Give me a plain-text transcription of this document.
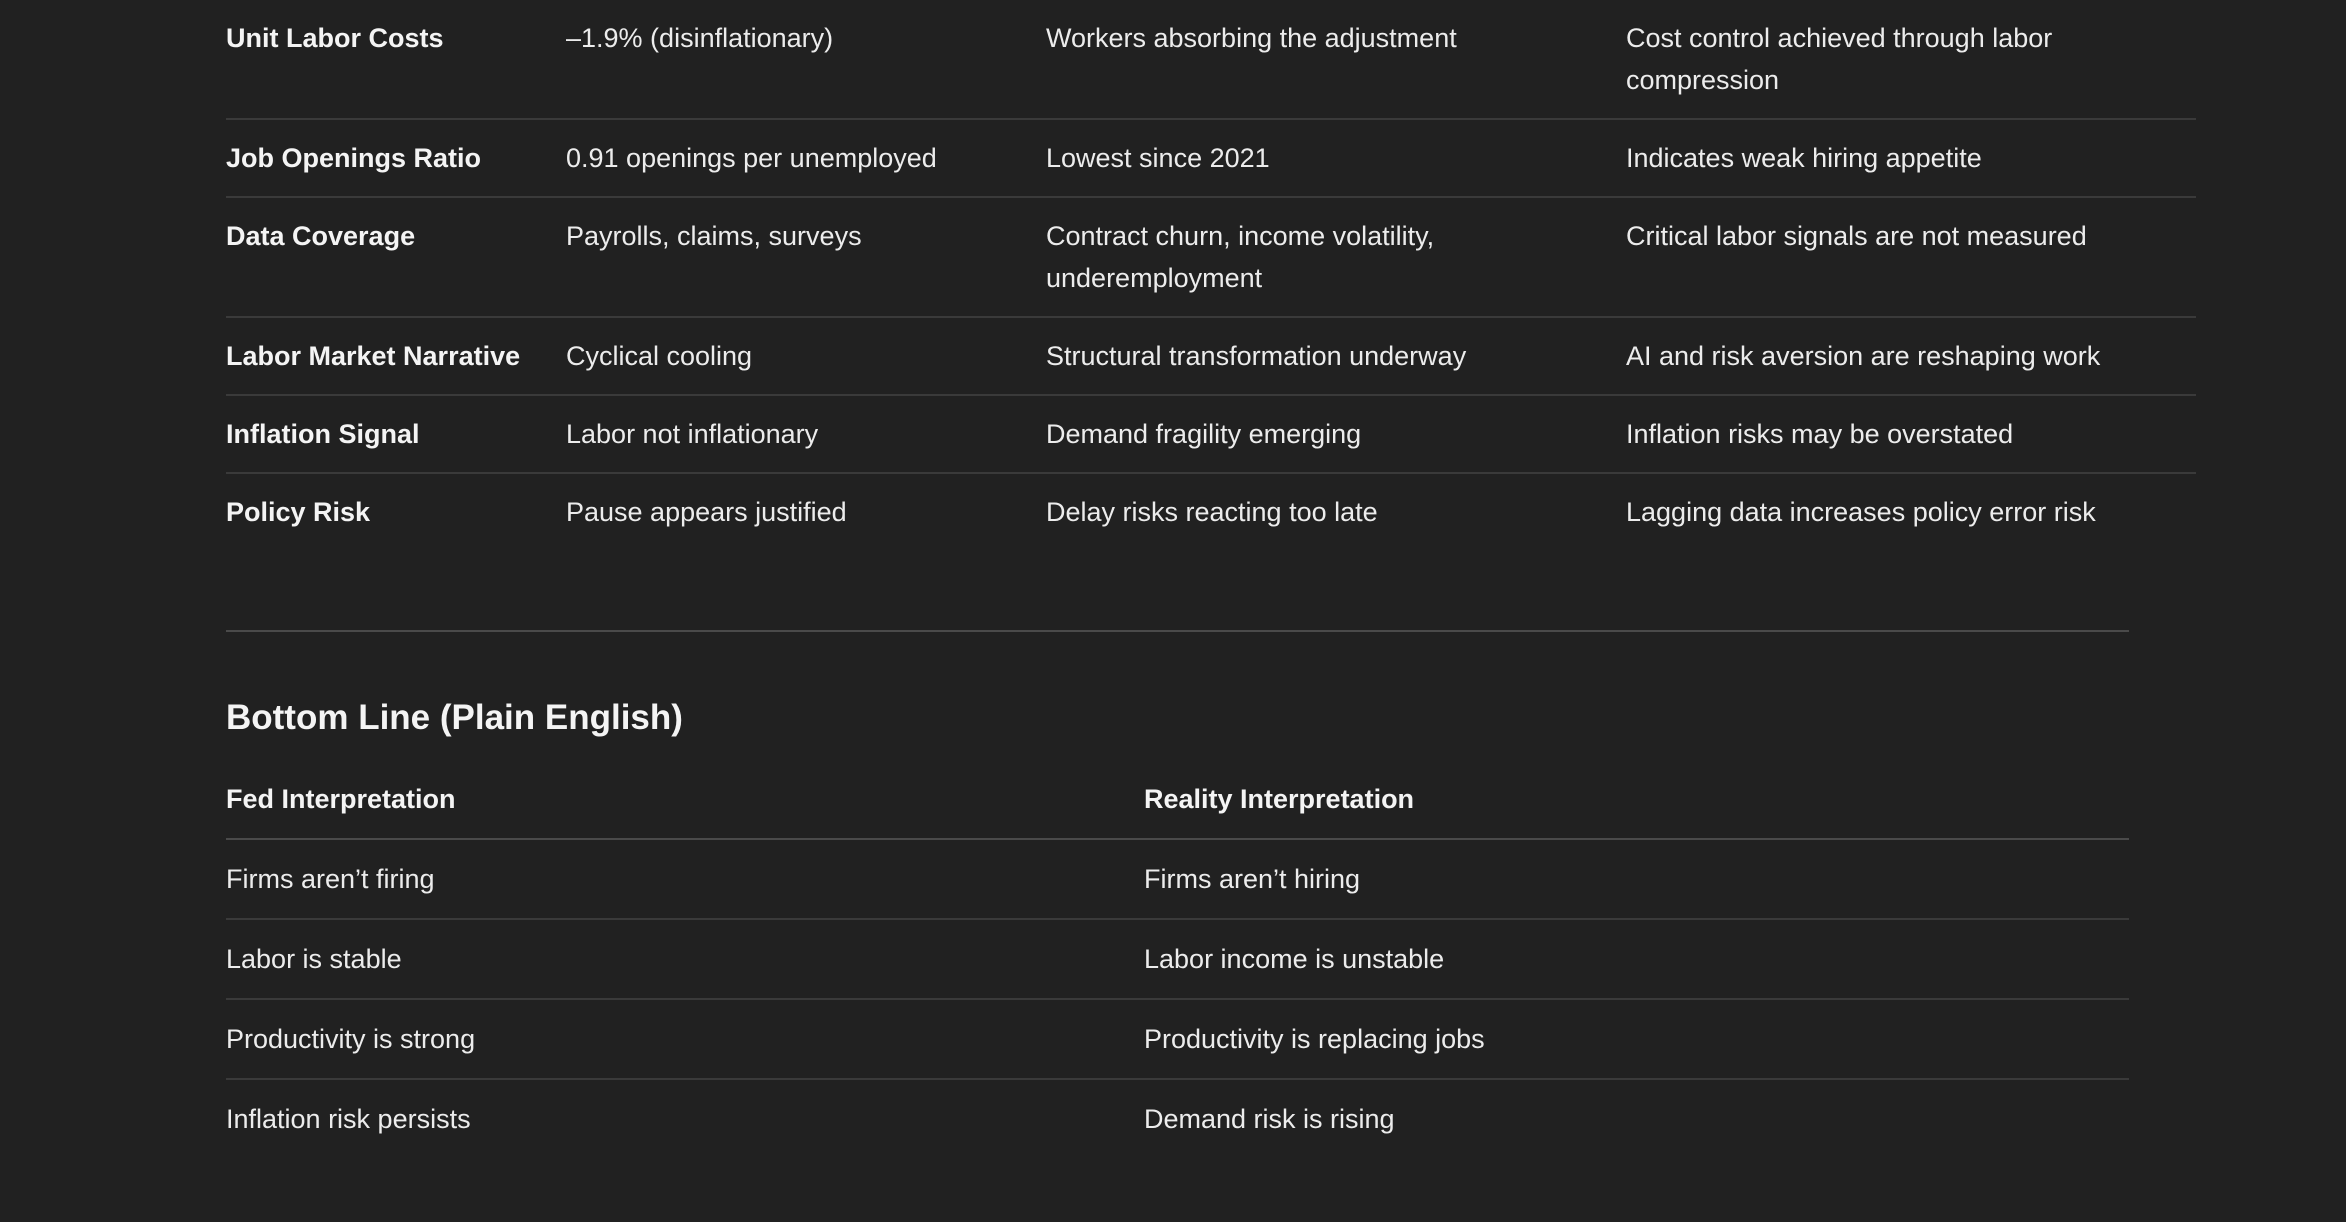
Unit Labor Costs	–1.9% (disinflationary)	Workers absorbing the adjustment	Cost control achieved through labor compression
Job Openings Ratio	0.91 openings per unemployed	Lowest since 2021	Indicates weak hiring appetite
Data Coverage	Payrolls, claims, surveys	Contract churn, income volatility, underemployment	Critical labor signals are not measured
Labor Market Narrative	Cyclical cooling	Structural transformation underway	AI and risk aversion are reshaping work
Inflation Signal	Labor not inflationary	Demand fragility emerging	Inflation risks may be overstated
Policy Risk	Pause appears justified	Delay risks reacting too late	Lagging data increases policy error risk
Bottom Line (Plain English)
Fed Interpretation	Reality Interpretation
Firms aren’t firing	Firms aren’t hiring
Labor is stable	Labor income is unstable
Productivity is strong	Productivity is replacing jobs
Inflation risk persists	Demand risk is rising
